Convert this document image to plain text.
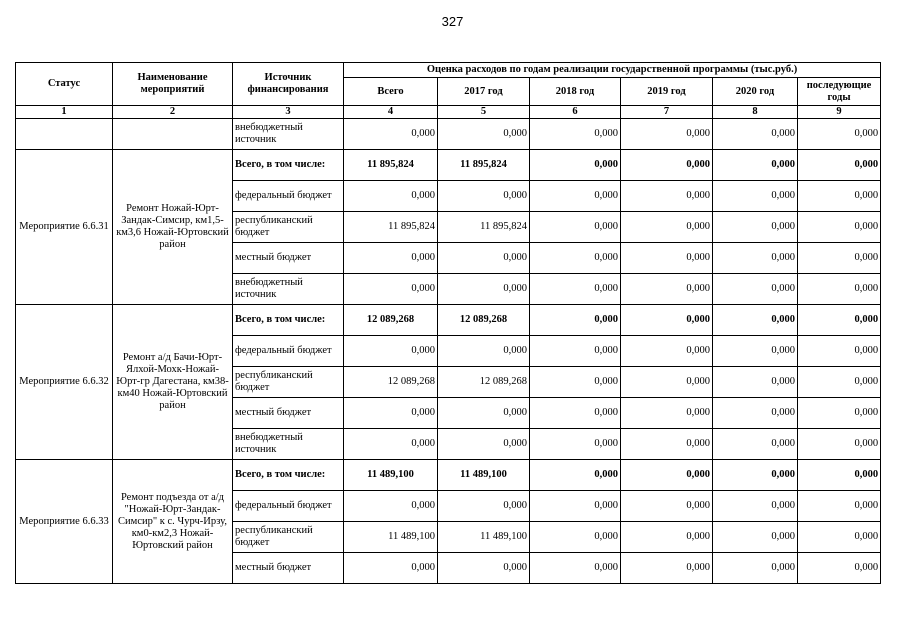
327
Статус	Наименование мероприятий	Источник финансирования	Оценка расходов по годам реализации государственной программы (тыс.руб.)					
			Всего	2017 год	2018 год	2019 год	2020 год	последующие годы
1	2	3	4	5	6	7	8	9
		внебюджетный источник	0,000	0,000	0,000	0,000	0,000	0,000
Мероприятие 6.6.31	Ремонт Ножай-Юрт-Зандак-Симсир, км1,5-км3,6 Ножай-Юртовский район	Всего, в том числе:	11 895,824	11 895,824	0,000	0,000	0,000	0,000
		федеральный бюджет	0,000	0,000	0,000	0,000	0,000	0,000
		республиканский бюджет	11 895,824	11 895,824	0,000	0,000	0,000	0,000
		местный бюджет	0,000	0,000	0,000	0,000	0,000	0,000
		внебюджетный источник	0,000	0,000	0,000	0,000	0,000	0,000
Мероприятие 6.6.32	Ремонт а/д Бачи-Юрт-Ялхой-Мохк-Ножай-Юрт-гр Дагестана, км38-км40 Ножай-Юртовский район	Всего, в том числе:	12 089,268	12 089,268	0,000	0,000	0,000	0,000
		федеральный бюджет	0,000	0,000	0,000	0,000	0,000	0,000
		республиканский бюджет	12 089,268	12 089,268	0,000	0,000	0,000	0,000
		местный бюджет	0,000	0,000	0,000	0,000	0,000	0,000
		внебюджетный источник	0,000	0,000	0,000	0,000	0,000	0,000
Мероприятие 6.6.33	Ремонт подъезда от а/д "Ножай-Юрт-Зандак-Симсир" к с. Чурч-Ирзу, км0-км2,3 Ножай-Юртовский район	Всего, в том числе:	11 489,100	11 489,100	0,000	0,000	0,000	0,000
		федеральный бюджет	0,000	0,000	0,000	0,000	0,000	0,000
		республиканский бюджет	11 489,100	11 489,100	0,000	0,000	0,000	0,000
		местный бюджет	0,000	0,000	0,000	0,000	0,000	0,000
